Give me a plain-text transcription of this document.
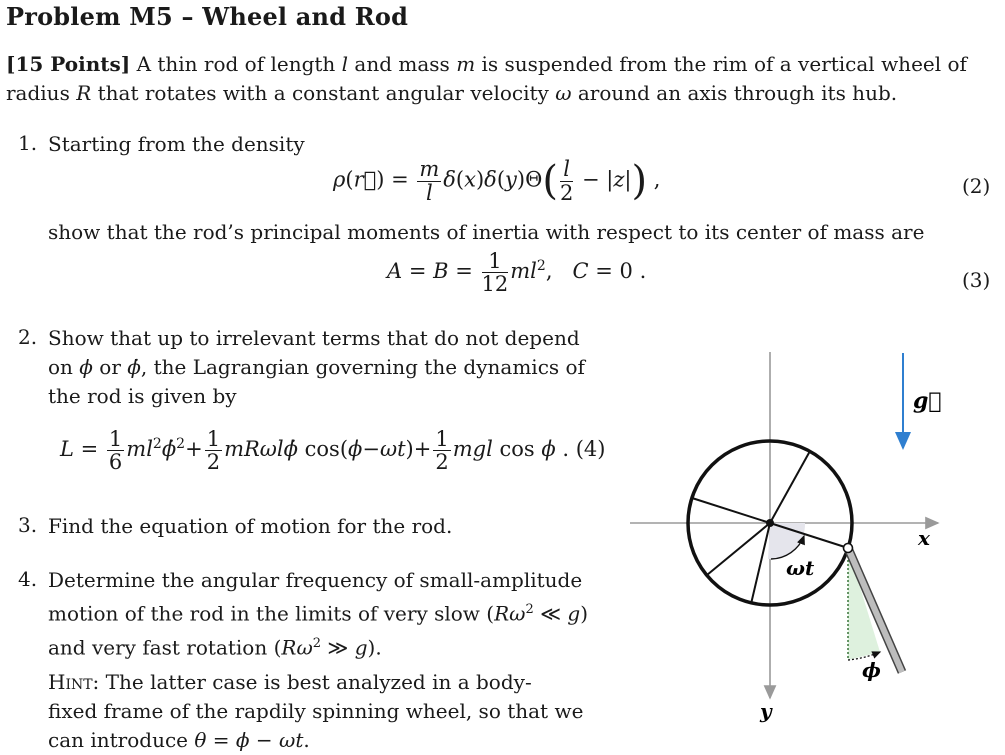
Problem M5 – Wheel and Rod
[15 Points] A thin rod of length l and mass m is suspended from the rim of a vertical wheel of
radius R that rotates with a constant angular velocity ω around an axis through its hub.
1. Starting from the density
ρ(r⃗) = $\frac{m}{l} \delta(x)\delta(y)\Theta( \frac{l}{2} - |z|)$ ,	(2)
show that the rod’s principal moments of inertia with respect to its center of mass are
$A = B = \frac{1}{12} ml^2$,   C = 0 .	(3)
2. Show that up to irrelevant terms that do not depend
on ϕ or ϕ̇, the Lagrangian governing the dynamics of
the rod is given by
$L = \frac{1}{6}$ $ml^2\phi̇^2+ \frac{1}{2}$ mRωlϕ̇ $\cos(\phi-\omega t)+ \frac{1}{2}$ mgl cos ϕ . (4)
3. Find the equation of motion for the rod.
4. Determine the angular frequency of small-amplitude
motion of the rod in the limits of very slow ($R\omega^2$ ≪ g)
and very fast rotation ($R\omega^2$ ≫ g).
Hint: The latter case is best analyzed in a body-
fixed frame of the rapdily spinning wheel, so that we
can introduce θ = ϕ − ωt.
g⃗
x
y
ωt
ϕ
